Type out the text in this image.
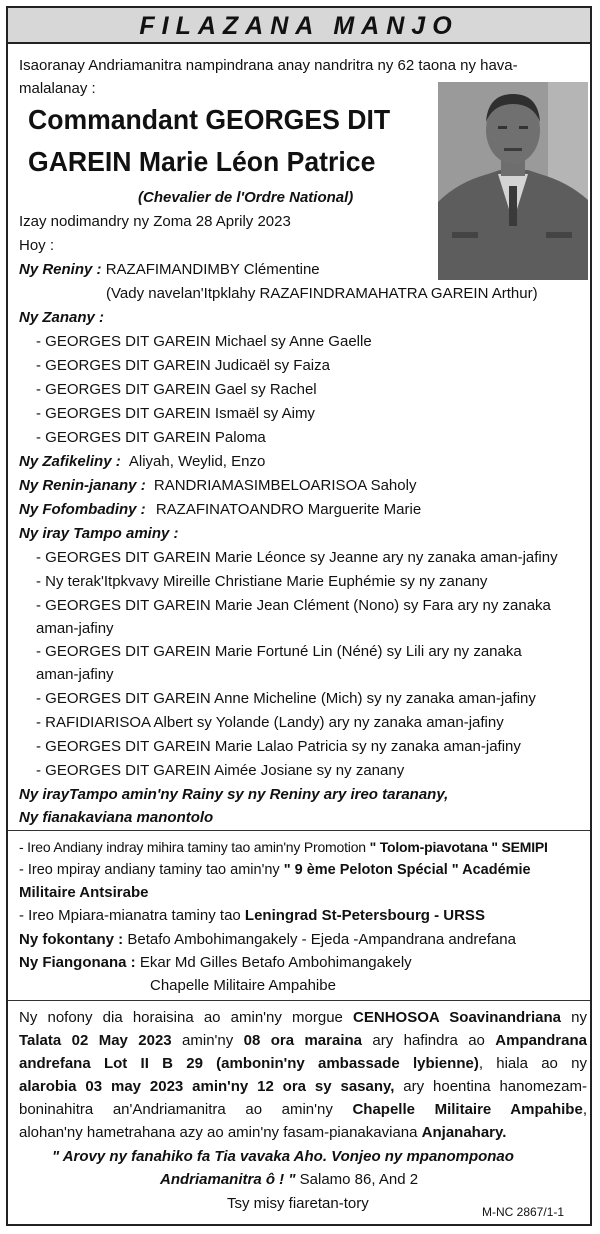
FILAZANA MANJO
Isaoranay Andriamanitra nampindrana anay nandritra ny 62 taona ny hava-
malalanay :
Commandant GEORGES DIT
GAREIN Marie Léon Patrice
(Chevalier de l'Ordre National)
Izay nodimandry ny Zoma 28 Aprily 2023
Hoy :
Ny Reniny : RAZAFIMANDIMBY Clémentine
(Vady navelan'Itpklahy RAZAFINDRAMAHATRA GAREIN Arthur)
Ny Zanany :
- GEORGES DIT GAREIN Michael sy Anne Gaelle
- GEORGES DIT GAREIN Judicaël sy Faiza
- GEORGES DIT GAREIN Gael sy Rachel
- GEORGES DIT GAREIN Ismaël sy Aimy
- GEORGES DIT GAREIN Paloma
Ny Zafikeliny : Aliyah, Weylid, Enzo
Ny Renin-janany : RANDRIAMASIMBELOARISOA Saholy
Ny Fofombadiny : RAZAFINATOANDRO Marguerite Marie
Ny iray Tampo aminy :
- GEORGES DIT GAREIN Marie Léonce sy Jeanne ary ny zanaka aman-jafiny
- Ny terak'Itpkvavy Mireille Christiane Marie Euphémie sy ny zanany
- GEORGES DIT GAREIN Marie Jean Clément (Nono) sy Fara ary ny zanaka
aman-jafiny
- GEORGES DIT GAREIN Marie Fortuné Lin (Néné) sy Lili ary ny zanaka
aman-jafiny
- GEORGES DIT GAREIN Anne Micheline (Mich) sy ny zanaka aman-jafiny
- RAFIDIARISOA Albert sy Yolande (Landy) ary ny zanaka aman-jafiny
- GEORGES DIT GAREIN Marie Lalao Patricia sy ny zanaka aman-jafiny
- GEORGES DIT GAREIN Aimée Josiane sy ny zanany
Ny irayTampo amin'ny Rainy sy ny Reniny ary ireo taranany,
Ny fianakaviana manontolo
- Ireo Andiany indray mihira taminy tao amin'ny Promotion " Tolom-piavotana " SEMIPI
- Ireo mpiray andiany taminy tao amin'ny " 9 ème Peloton Spécial " Académie
Militaire Antsirabe
- Ireo Mpiara-mianatra taminy tao Leningrad St-Petersbourg - URSS
Ny fokontany : Betafo Ambohimangakely - Ejeda -Ampandrana andrefana
Ny Fiangonana : Ekar Md Gilles Betafo Ambohimangakely
Chapelle Militaire Ampahibe
Ny nofony dia horaisina ao amin'ny morgue CENHOSOA Soavinandriana ny
Talata 02 May 2023 amin'ny 08 ora maraina ary hafindra ao Ampandrana
andrefana Lot II B 29 (ambonin'ny ambassade lybienne), hiala ao ny
alarobia 03 may 2023 amin'ny 12 ora sy sasany, ary hoentina hanomezam-
boninahitra an'Andriamanitra ao amin'ny Chapelle Militaire Ampahibe,
alohan'ny hametrahana azy ao amin'ny fasam-pianakaviana Anjanahary.
" Arovy ny fanahiko fa Tia vavaka Aho. Vonjeo ny mpanomponao
Andriamanitra ô ! " Salamo 86, And 2
Tsy misy fiaretan-tory	M-NC 2867/1-1
